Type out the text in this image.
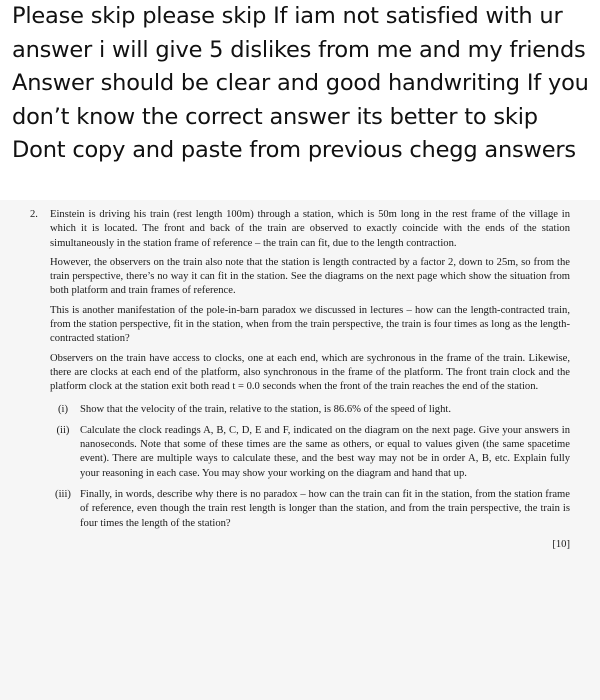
Please skip please skip If iam not satisfied with ur answer i will give 5 dislikes from me and my friends Answer should be clear and good handwriting If you don’t know the correct answer its better to skip Dont copy and paste from previous chegg answers
2. Einstein is driving his train (rest length 100m) through a station, which is 50m long in the rest frame of the village in which it is located. The front and back of the train are observed to exactly coincide with the ends of the station simultaneously in the station frame of reference – the train can fit, due to the length contraction.

However, the observers on the train also note that the station is length contracted by a factor 2, down to 25m, so from the train perspective, there’s no way it can fit in the station. See the diagrams on the next page which show the situation from both platform and train frames of reference.

This is another manifestation of the pole-in-barn paradox we discussed in lectures – how can the length-contracted train, from the station perspective, fit in the station, when from the train perspective, the train is four times as long as the length-contracted station?

Observers on the train have access to clocks, one at each end, which are sychronous in the frame of the train. Likewise, there are clocks at each end of the platform, also synchronous in the frame of the platform. The front train clock and the platform clock at the station exit both read t = 0.0 seconds when the front of the train reaches the end of the station.

(i)	Show that the velocity of the train, relative to the station, is 86.6% of the speed of light.
(ii) Calculate the clock readings A, B, C, D, E and F, indicated on the diagram on the next page. Give your answers in nanoseconds. Note that some of these times are the same as others, or equal to values given (the same spacetime event). There are multiple ways to calculate these, and the best way may not be in order A, B, etc. Explain fully your reasoning in each case. You may show your working on the diagram and hand that up.
(iii) Finally, in words, describe why there is no paradox – how can the train can fit in the station, from the station frame of reference, even though the train rest length is longer than the station, and from the train perspective, the train is four times the length of the station?
[10]
